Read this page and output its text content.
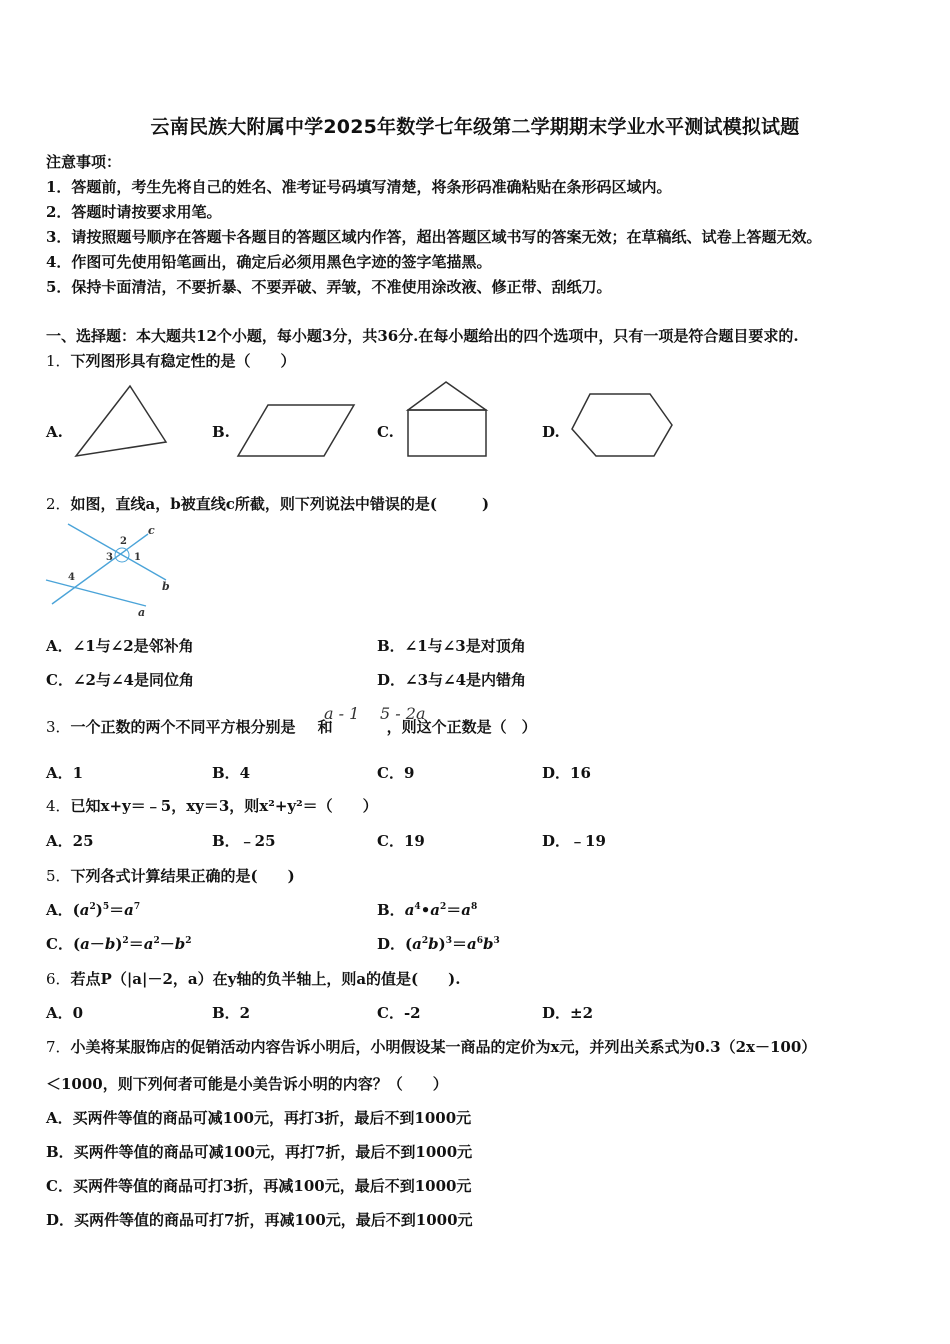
云南民族大附属中学2025年数学七年级第二学期期末学业水平测试模拟试题
注意事项：
1．答题前，考生先将自己的姓名、准考证号码填写清楚，将条形码准确粘贴在条形码区域内。
2．答题时请按要求用笔。
3．请按照题号顺序在答题卡各题目的答题区域内作答，超出答题区域书写的答案无效；在草稿纸、试卷上答题无效。
4．作图可先使用铅笔画出，确定后必须用黑色字迹的签字笔描黑。
5．保持卡面清洁，不要折暴、不要弄破、弄皱，不准使用涂改液、修正带、刮纸刀。
一、选择题：本大题共12个小题，每小题3分，共36分.在每小题给出的四个选项中，只有一项是符合题目要求的.
1．下列图形具有稳定性的是（　　）
A.	B.	C.	D.
2．如图，直线a，b被直线c所截，则下列说法中错误的是(　　　)
c
b
a
1
2
3
4
A．∠1与∠2是邻补角	B．∠1与∠3是对顶角
C．∠2与∠4是同位角	D．∠3与∠4是内错角
3．一个正数的两个不同平方根分别是 和	，则这个正数是（　）
a - 1 5 - 2a
A．1	B．4	C．9	D．16
4．已知x+y＝﹣5，xy＝3，则x²+y²＝（　　）
A．25	B．﹣25	C．19	D．﹣19
5．下列各式计算结果正确的是(　　)
A．$(a^2)^5=a^7$	B．$a^4•a^2=a^8$
C．$(a-b)^2=a^2-b^2$	D．$(a^2b)^3=a^6b^3$
6．若点P（|a|－2，a）在y轴的负半轴上，则a的值是(　　).
A．0	B．2	C．-2	D．±2
7．小美将某服饰店的促销活动内容告诉小明后，小明假设某一商品的定价为x元，并列出关系式为0.3（2x－100）
＜1000，则下列何者可能是小美告诉小明的内容？（　　）
A．买两件等值的商品可减100元，再打3折，最后不到1000元
B．买两件等值的商品可减100元，再打7折，最后不到1000元
C．买两件等值的商品可打3折，再减100元，最后不到1000元
D．买两件等值的商品可打7折，再减100元，最后不到1000元
